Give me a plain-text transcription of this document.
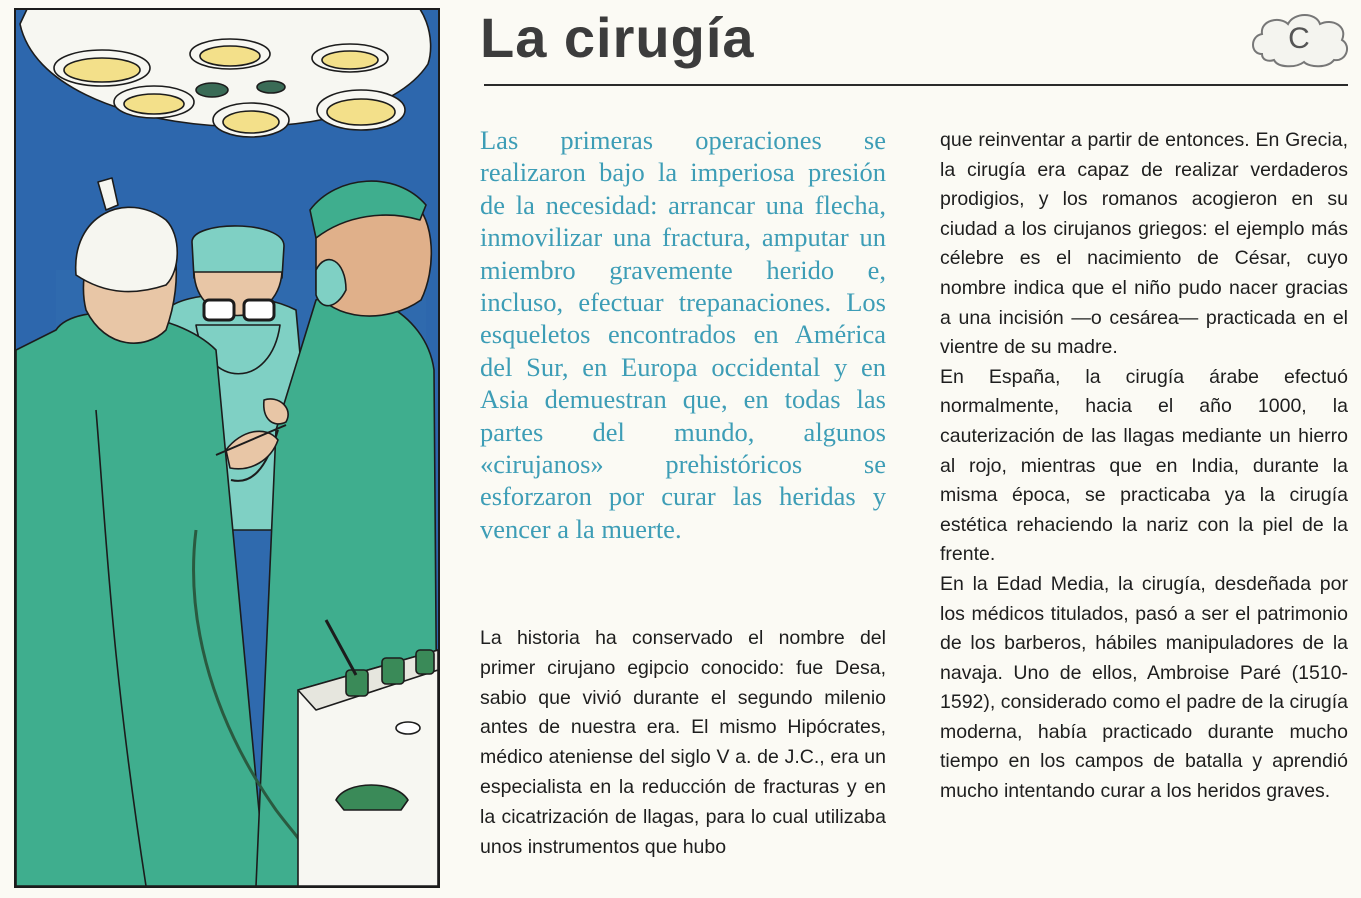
La cirugía	C

Las primeras operaciones se realizaron bajo la imperiosa presión de la necesidad: arrancar una flecha, inmovilizar una fractura, amputar un miembro gravemente herido e, incluso, efectuar trepanaciones. Los esqueletos encontrados en América del Sur, en Europa occidental y en Asia demuestran que, en todas las partes del mundo, algunos «cirujanos» prehistóricos se esforzaron por curar las heridas y vencer a la muerte.

La historia ha conservado el nombre del primer cirujano egipcio conocido: fue Desa, sabio que vivió durante el segundo milenio antes de nuestra era. El mismo Hipócrates, médico ateniense del siglo V a. de J.C., era un especialista en la reducción de fracturas y en la cicatrización de llagas, para lo cual utilizaba unos instrumentos que hubo

que reinventar a partir de entonces. En Grecia, la cirugía era capaz de realizar verdaderos prodigios, y los romanos acogieron en su ciudad a los cirujanos griegos: el ejemplo más célebre es el nacimiento de César, cuyo nombre indica que el niño pudo nacer gracias a una incisión —o cesárea— practicada en el vientre de su madre.

En España, la cirugía árabe efectuó normalmente, hacia el año 1000, la cauterización de las llagas mediante un hierro al rojo, mientras que en India, durante la misma época, se practicaba ya la cirugía estética rehaciendo la nariz con la piel de la frente.

En la Edad Media, la cirugía, desdeñada por los médicos titulados, pasó a ser el patrimonio de los barberos, hábiles manipuladores de la navaja. Uno de ellos, Ambroise Paré (1510-1592), considerado como el padre de la cirugía moderna, había practicado durante mucho tiempo en los campos de batalla y aprendió mucho intentando curar a los heridos graves.
